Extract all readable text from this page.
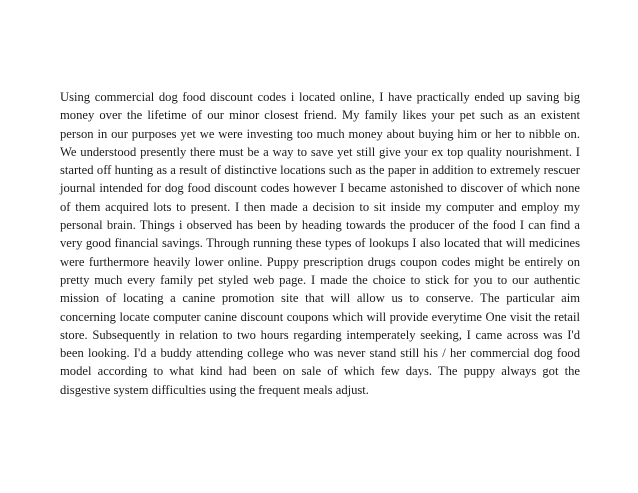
Using commercial dog food discount codes i located online, I have practically ended up saving big money over the lifetime of our minor closest friend. My family likes your pet such as an existent person in our purposes yet we were investing too much money about buying him or her to nibble on. We understood presently there must be a way to save yet still give your ex top quality nourishment. I started off hunting as a result of distinctive locations such as the paper in addition to extremely rescuer journal intended for dog food discount codes however I became astonished to discover of which none of them acquired lots to present. I then made a decision to sit inside my computer and employ my personal brain. Things i observed has been by heading towards the producer of the food I can find a very good financial savings. Through running these types of lookups I also located that will medicines were furthermore heavily lower online. Puppy prescription drugs coupon codes might be entirely on pretty much every family pet styled web page. I made the choice to stick for you to our authentic mission of locating a canine promotion site that will allow us to conserve. The particular aim concerning locate computer canine discount coupons which will provide everytime One visit the retail store. Subsequently in relation to two hours regarding intemperately seeking, I came across was I'd been looking. I'd a buddy attending college who was never stand still his / her commercial dog food model according to what kind had been on sale of which few days. The puppy always got the disgestive system difficulties using the frequent meals adjust.
